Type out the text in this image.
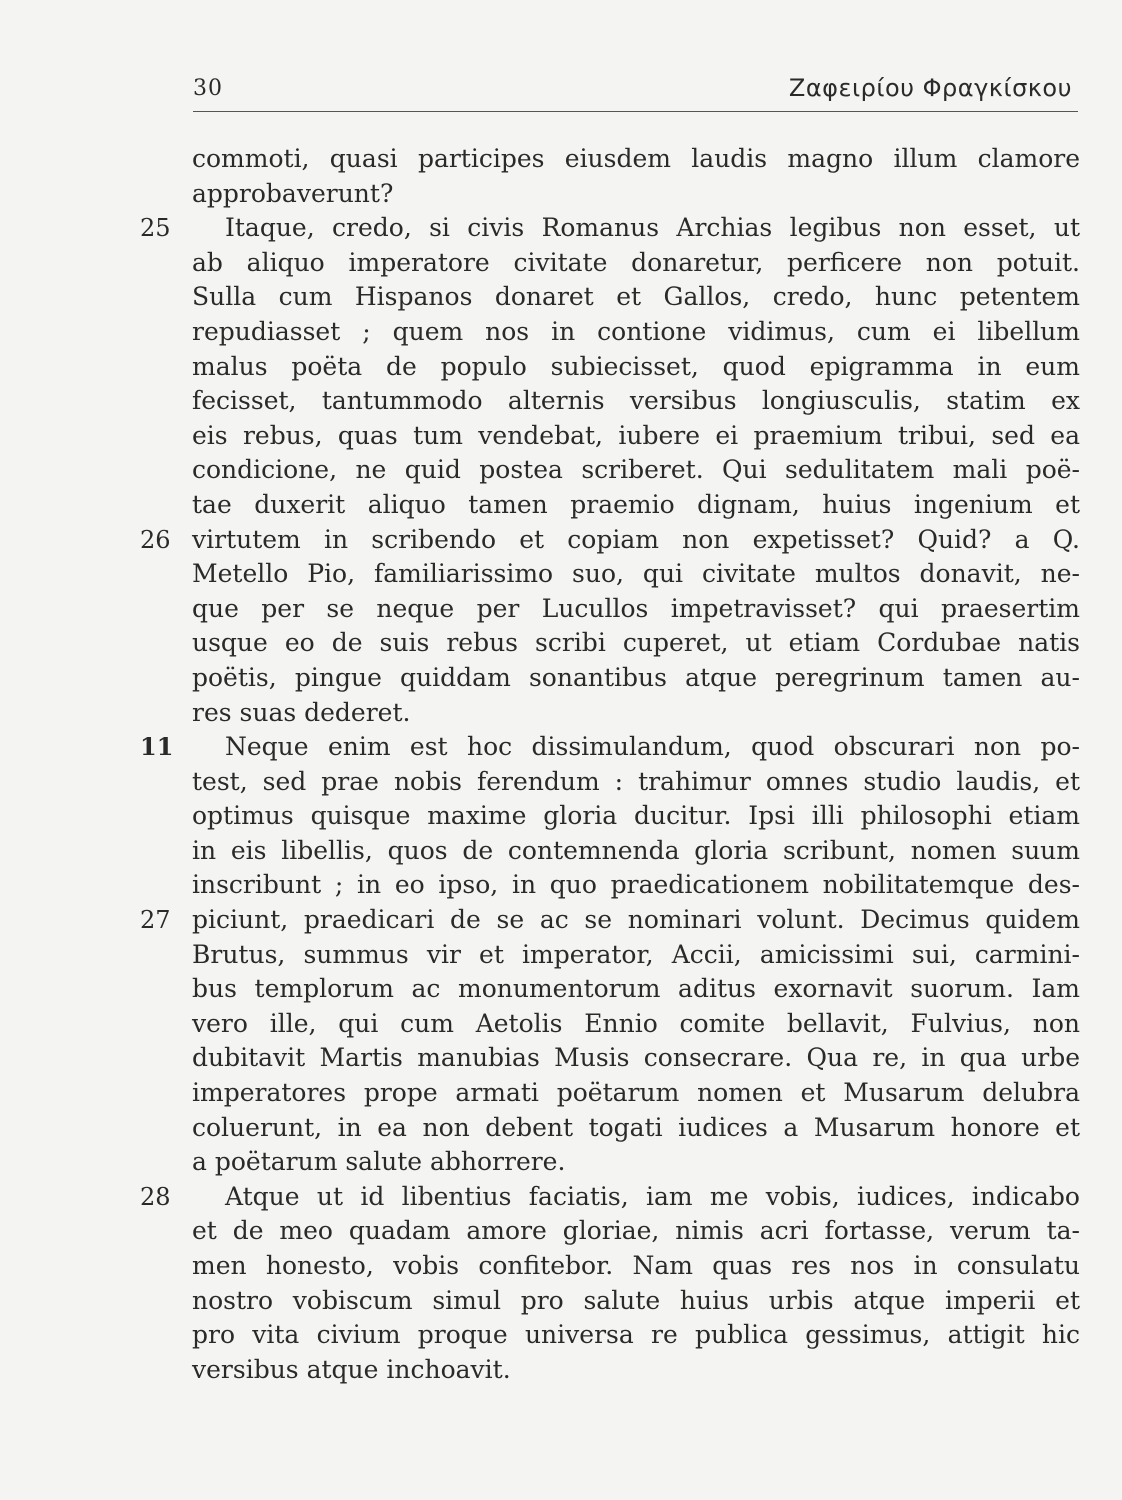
30	Ζαφειρίου Φραγκίσκου
commoti, quasi participes eiusdem laudis magno illum clamore
approbaverunt?
25	Itaque, credo, si civis Romanus Archias legibus non esset, ut
ab aliquo imperatore civitate donaretur, perficere non potuit.
Sulla cum Hispanos donaret et Gallos, credo, hunc petentem
repudiasset ; quem nos in contione vidimus, cum ei libellum
malus poëta de populo subiecisset, quod epigramma in eum
fecisset, tantummodo alternis versibus longiusculis, statim ex
eis rebus, quas tum vendebat, iubere ei praemium tribui, sed ea
condicione, ne quid postea scriberet. Qui sedulitatem mali poë-
tae duxerit aliquo tamen praemio dignam, huius ingenium et
26 virtutem in scribendo et copiam non expetisset? Quid? a Q.
Metello Pio, familiarissimo suo, qui civitate multos donavit, ne-
que per se neque per Lucullos impetravisset? qui praesertim
usque eo de suis rebus scribi cuperet, ut etiam Cordubae natis
poëtis, pingue quiddam sonantibus atque peregrinum tamen au-
res suas dederet.
11 Neque enim est hoc dissimulandum, quod obscurari non po-
test, sed prae nobis ferendum : trahimur omnes studio laudis, et
optimus quisque maxime gloria ducitur. Ipsi illi philosophi etiam
in eis libellis, quos de contemnenda gloria scribunt, nomen suum
inscribunt ; in eo ipso, in quo praedicationem nobilitatemque des-
27 piciunt, praedicari de se ac se nominari volunt. Decimus quidem
Brutus, summus vir et imperator, Accii, amicissimi sui, carmini-
bus templorum ac monumentorum aditus exornavit suorum. Iam
vero ille, qui cum Aetolis Ennio comite bellavit, Fulvius, non
dubitavit Martis manubias Musis consecrare. Qua re, in qua urbe
imperatores prope armati poëtarum nomen et Musarum delubra
coluerunt, in ea non debent togati iudices a Musarum honore et
a poëtarum salute abhorrere.
28	Atque ut id libentius faciatis, iam me vobis, iudices, indicabo
et de meo quadam amore gloriae, nimis acri fortasse, verum ta-
men honesto, vobis confitebor. Nam quas res nos in consulatu
nostro vobiscum simul pro salute huius urbis atque imperii et
pro vita civium proque universa re publica gessimus, attigit hic
versibus atque inchoavit.
